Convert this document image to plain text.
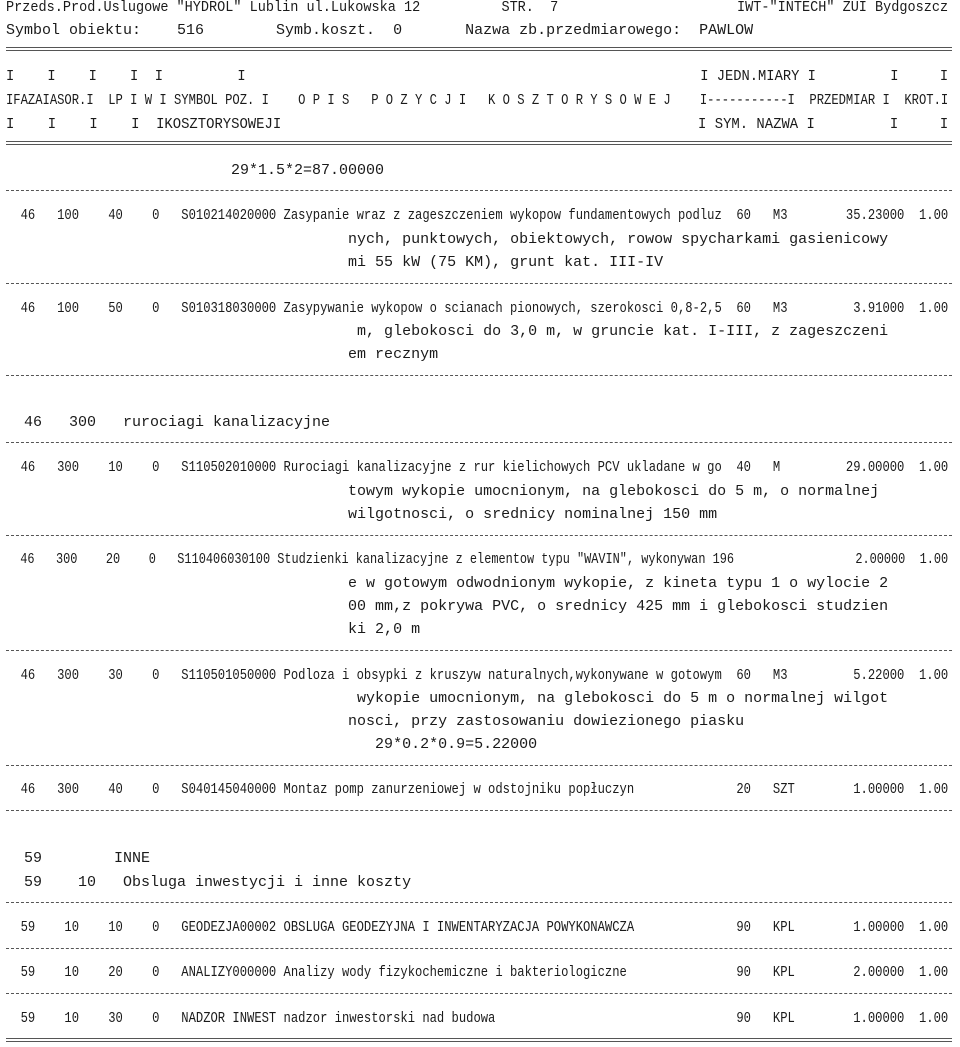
Przeds.Prod.Uslugowe "HYDROL" Lublin ul.Lukowska 12          STR.  7                      IWT-"INTECH" ZUI Bydgoszcz
Symbol obiektu:    516        Symb.koszt.  0       Nazwa zb.przedmiarowego:  PAWLOW
I    I    I    I  I         I                                                       I JEDN.MIARY I         I     I
IFAZAIASOR.I  LP I W I SYMBOL POZ. I    O P I S   P O Z Y C J I   K O S Z T O R Y S O W E J    I-----------I  PRZEDMIAR I  KROT.I
I    I    I    I  IKOSZTORYSOWEJI                                                  I SYM. NAZWA I         I     I
29*1.5*2=87.00000
46   100    40    0   S010214020000 Zasypanie wraz z zageszczeniem wykopow fundamentowych podluz  60   M3        35.23000  1.00
nych, punktowych, obiektowych, rowow spycharkami gasienicowy
mi 55 kW (75 KM), grunt kat. III-IV
46   100    50    0   S010318030000 Zasypywanie wykopow o scianach pionowych, szerokosci 0,8-2,5  60   M3         3.91000  1.00
m, glebokosci do 3,0 m, w gruncie kat. I-III, z zageszczeni
em recznym
46   300   rurociagi kanalizacyjne
46   300    10    0   S110502010000 Rurociagi kanalizacyjne z rur kielichowych PCV ukladane w go  40   M         29.00000  1.00
towym wykopie umocnionym, na glebokosci do 5 m, o normalnej
wilgotnosci, o srednicy nominalnej 150 mm
46   300    20    0   S110406030100 Studzienki kanalizacyjne z elementow typu "WAVIN", wykonywan 196                 2.00000  1.00
e w gotowym odwodnionym wykopie, z kineta typu 1 o wylocie 2
00 mm,z pokrywa PVC, o srednicy 425 mm i glebokosci studzien
ki 2,0 m
46   300    30    0   S110501050000 Podloza i obsypki z kruszyw naturalnych,wykonywane w gotowym  60   M3         5.22000  1.00
wykopie umocnionym, na glebokosci do 5 m o normalnej wilgot
nosci, przy zastosowaniu dowiezionego piasku
29*0.2*0.9=5.22000
46   300    40    0   S040145040000 Montaz pomp zanurzeniowej w odstojniku popłuczyn              20   SZT        1.00000  1.00
59        INNE
59    10   Obsluga inwestycji i inne koszty
59    10    10    0   GEODEZJA00002 OBSLUGA GEODEZYJNA I INWENTARYZACJA POWYKONAWCZA              90   KPL        1.00000  1.00
59    10    20    0   ANALIZY000000 Analizy wody fizykochemiczne i bakteriologiczne               90   KPL        2.00000  1.00
59    10    30    0   NADZOR INWEST nadzor inwestorski nad budowa                                 90   KPL        1.00000  1.00
